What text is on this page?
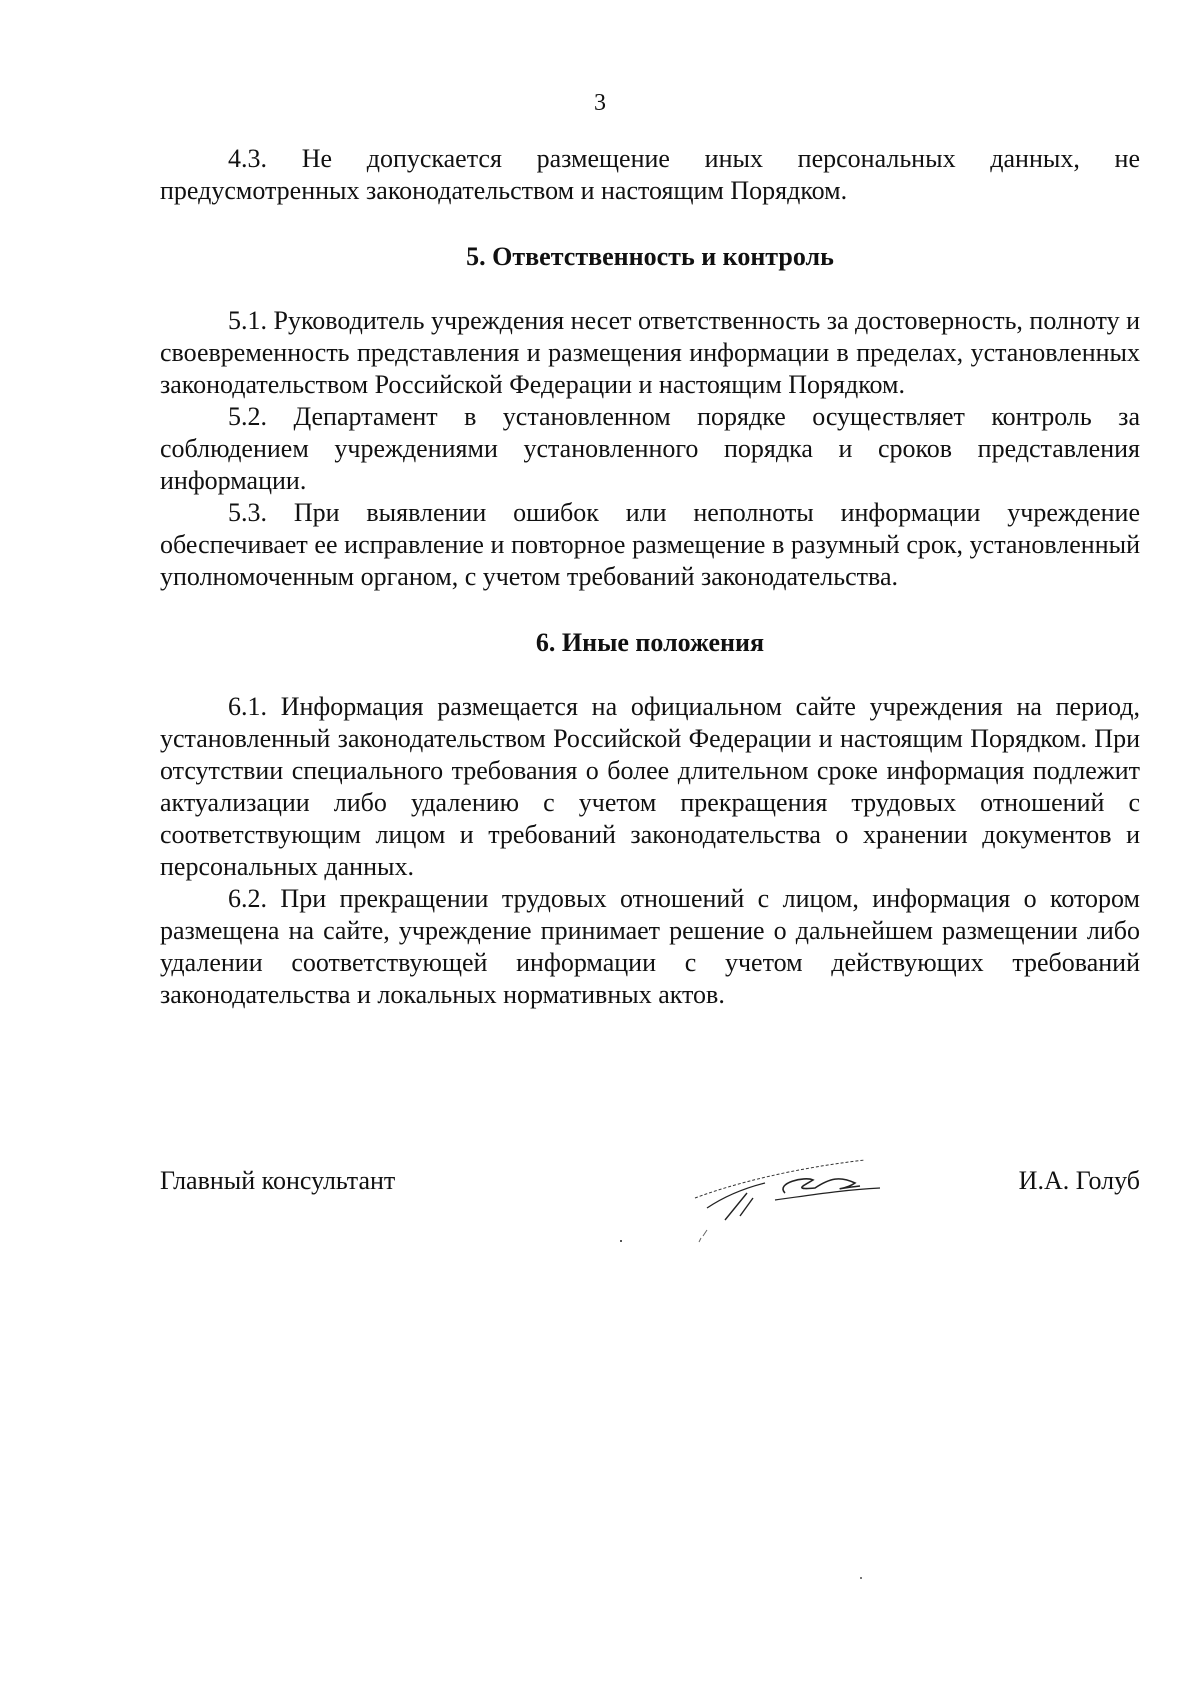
3

4.3. Не допускается размещение иных персональных данных, не предусмотренных законодательством и настоящим Порядком.

5. Ответственность и контроль

5.1. Руководитель учреждения несет ответственность за достоверность, полноту и своевременность представления и размещения информации в пределах, установленных законодательством Российской Федерации и настоящим Порядком.

5.2. Департамент в установленном порядке осуществляет контроль за соблюдением учреждениями установленного порядка и сроков представления информации.

5.3. При выявлении ошибок или неполноты информации учреждение обеспечивает ее исправление и повторное размещение в разумный срок, установленный уполномоченным органом, с учетом требований законодательства.

6. Иные положения

6.1. Информация размещается на официальном сайте учреждения на период, установленный законодательством Российской Федерации и настоящим Порядком. При отсутствии специального требования о более длительном сроке информация подлежит актуализации либо удалению с учетом прекращения трудовых отношений с соответствующим лицом и требований законодательства о хранении документов и персональных данных.

6.2. При прекращении трудовых отношений с лицом, информация о котором размещена на сайте, учреждение принимает решение о дальнейшем размещении либо удалении соответствующей информации с учетом действующих требований законодательства и локальных нормативных актов.

Главный консультант	И.А. Голуб
